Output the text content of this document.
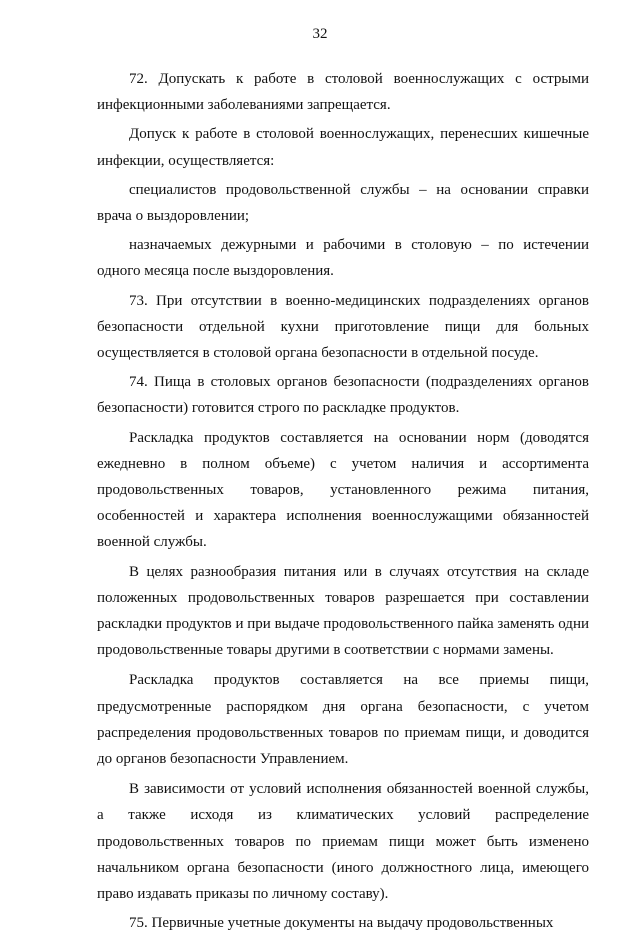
32

72. Допускать к работе в столовой военнослужащих с острыми инфекционными заболеваниями запрещается.

Допуск к работе в столовой военнослужащих, перенесших кишечные инфекции, осуществляется:

специалистов продовольственной службы – на основании справки врача о выздоровлении;

назначаемых дежурными и рабочими в столовую – по истечении одного месяца после выздоровления.

73. При отсутствии в военно-медицинских подразделениях органов безопасности отдельной кухни приготовление пищи для больных осуществляется в столовой органа безопасности в отдельной посуде.

74. Пища в столовых органов безопасности (подразделениях органов безопасности) готовится строго по раскладке продуктов.

Раскладка продуктов составляется на основании норм (доводятся ежедневно в полном объеме) с учетом наличия и ассортимента продовольственных товаров, установленного режима питания, особенностей и характера исполнения военнослужащими обязанностей военной службы.

В целях разнообразия питания или в случаях отсутствия на складе положенных продовольственных товаров разрешается при составлении раскладки продуктов и при выдаче продовольственного пайка заменять одни продовольственные товары другими в соответствии с нормами замены.

Раскладка продуктов составляется на все приемы пищи, предусмотренные распорядком дня органа безопасности, с учетом распределения продовольственных товаров по приемам пищи, и доводится до органов безопасности Управлением.

В зависимости от условий исполнения обязанностей военной службы, а также исходя из климатических условий распределение продовольственных товаров по приемам пищи может быть изменено начальником органа безопасности (иного должностного лица, имеющего право издавать приказы по личному составу).

75. Первичные учетные документы на выдачу продовольственных
